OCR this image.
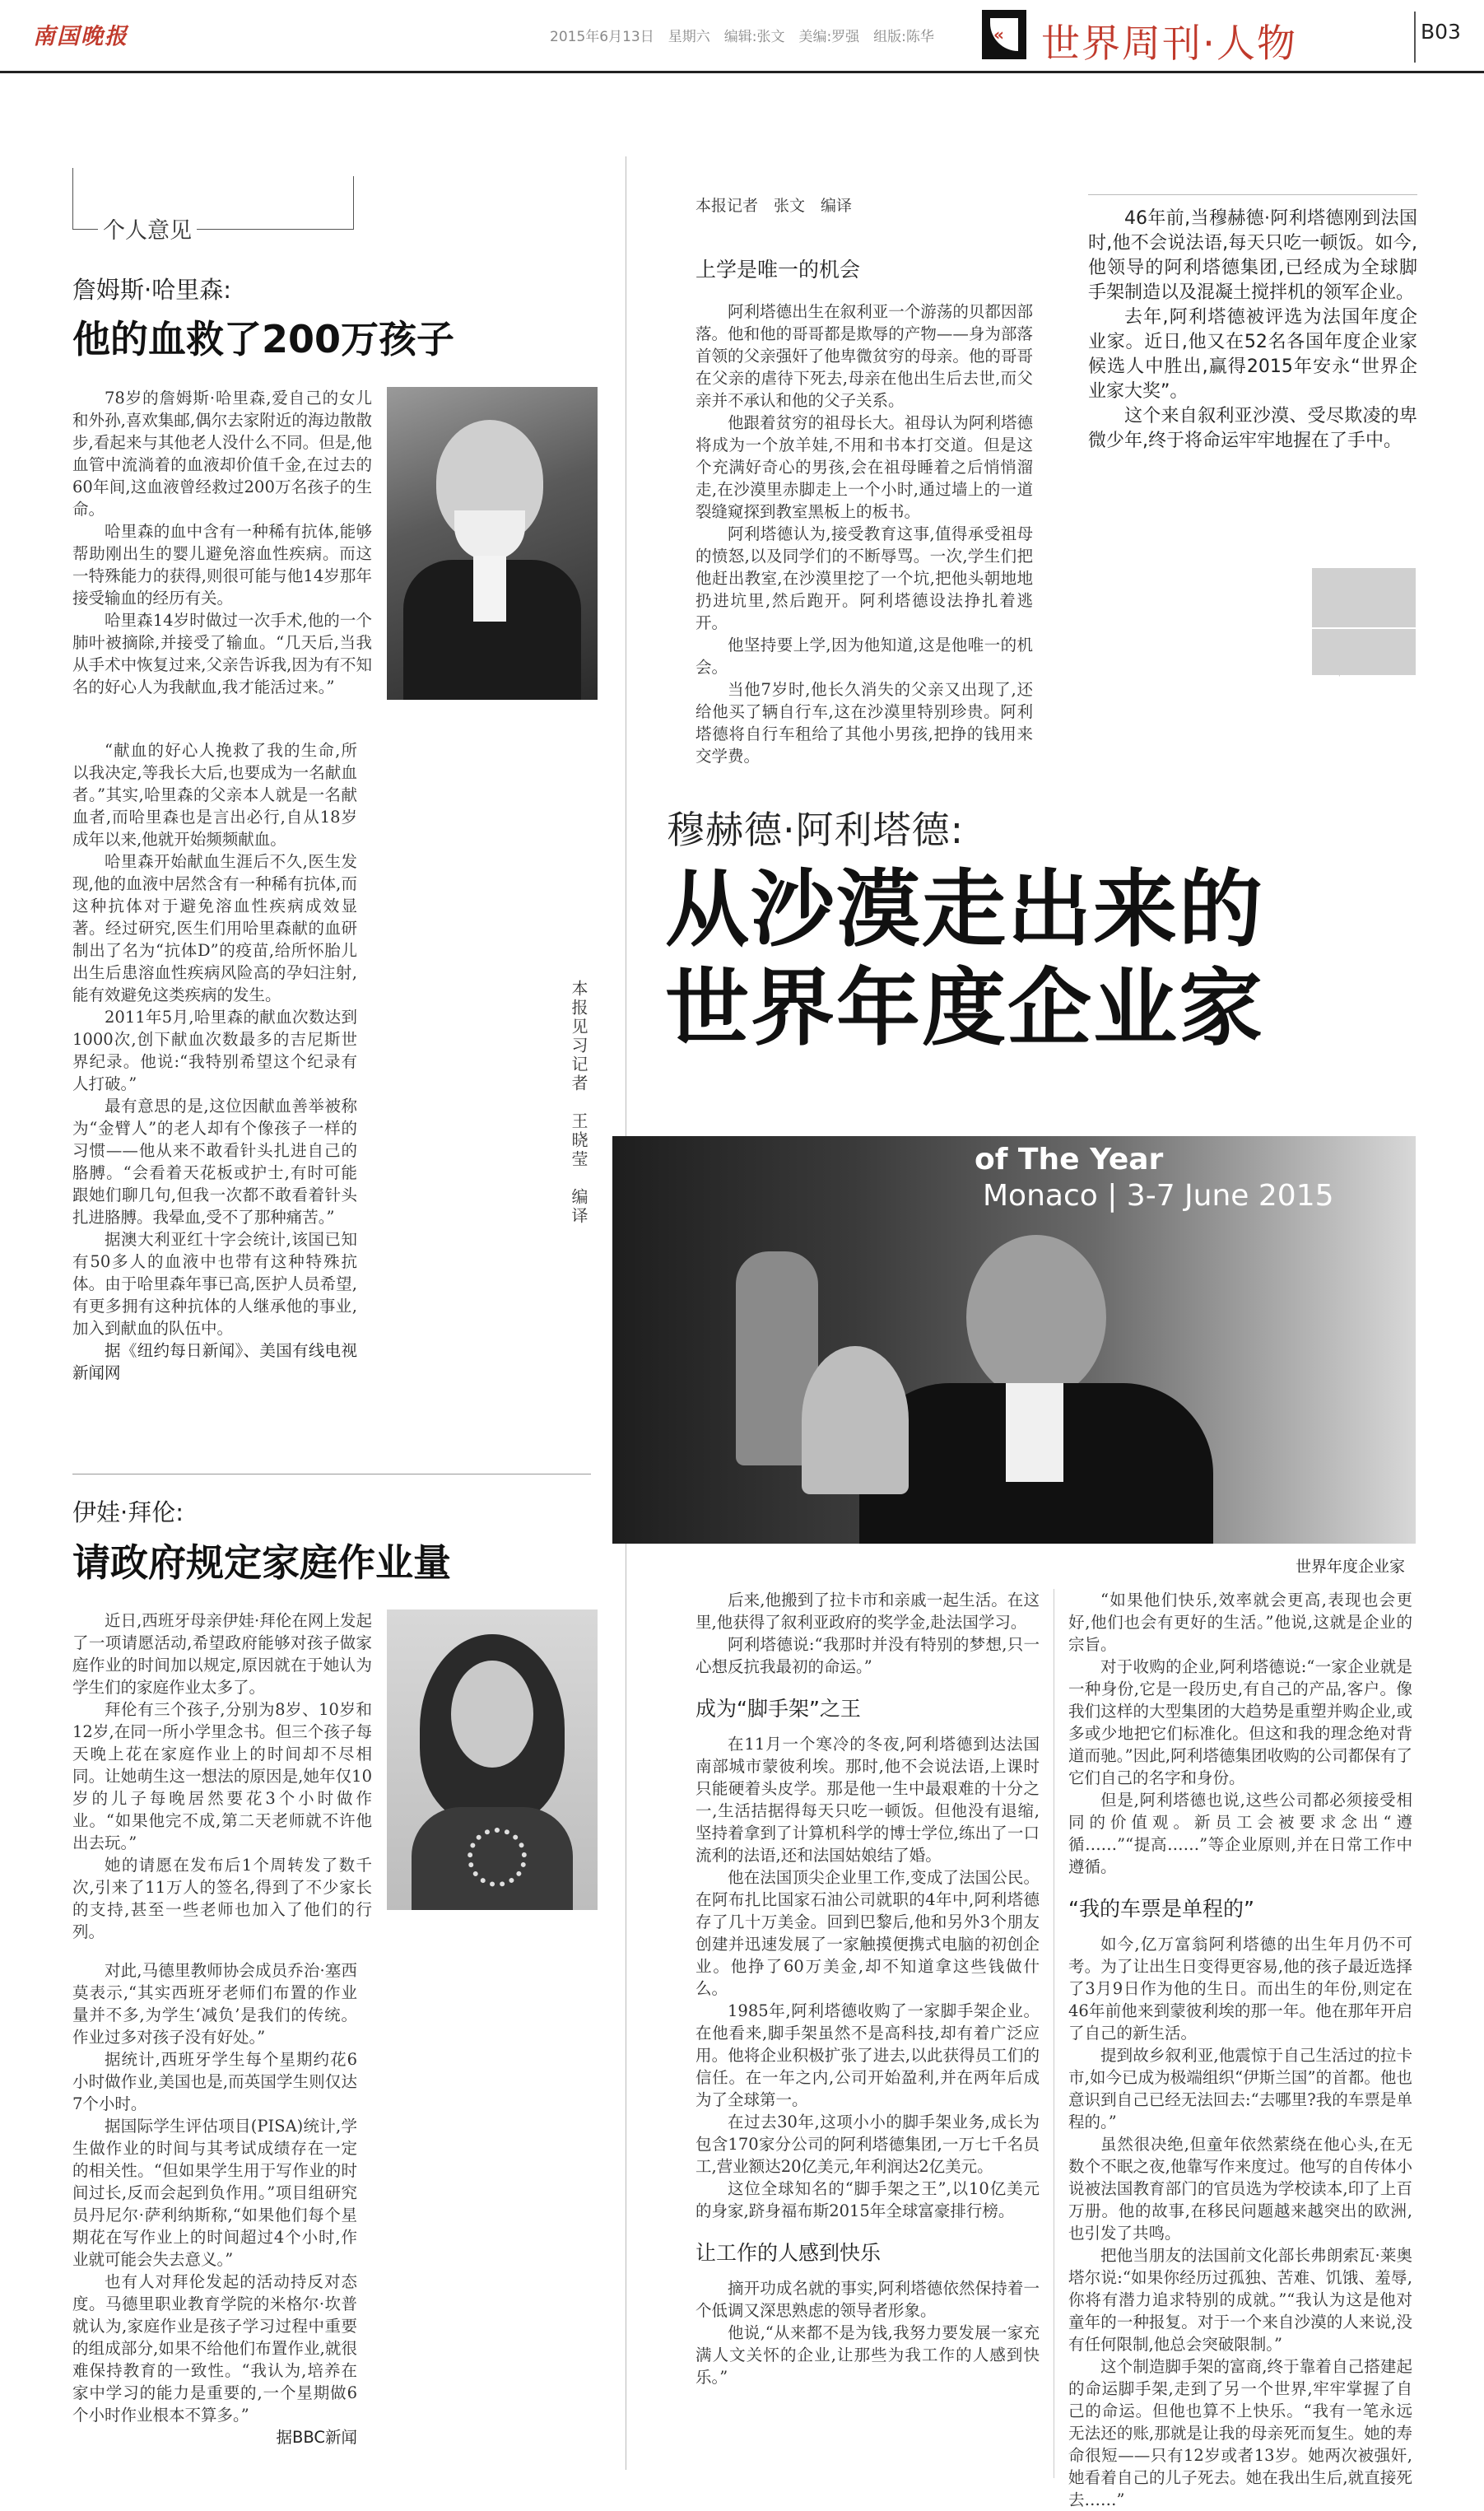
南国晚报	2015年6月13日　星期六　编辑:张文　美编:罗强　组版:陈华	« 世界周刊·人物	B03
个人意见
詹姆斯·哈里森:
他的血救了200万孩子

78岁的詹姆斯·哈里森,爱自己的女儿和外孙,喜欢集邮,偶尔去家附近的海边散散步,看起来与其他老人没什么不同。但是,他血管中流淌着的血液却价值千金,在过去的60年间,这血液曾经救过200万名孩子的生命。

哈里森的血中含有一种稀有抗体,能够帮助刚出生的婴儿避免溶血性疾病。而这一特殊能力的获得,则很可能与他14岁那年接受输血的经历有关。

哈里森14岁时做过一次手术,他的一个肺叶被摘除,并接受了输血。“几天后,当我从手术中恢复过来,父亲告诉我,因为有不知名的好心人为我献血,我才能活过来。”

“献血的好心人挽救了我的生命,所以我决定,等我长大后,也要成为一名献血者。”其实,哈里森的父亲本人就是一名献血者,而哈里森也是言出必行,自从18岁成年以来,他就开始频频献血。

哈里森开始献血生涯后不久,医生发现,他的血液中居然含有一种稀有抗体,而这种抗体对于避免溶血性疾病成效显著。经过研究,医生们用哈里森献的血研制出了名为“抗体D”的疫苗,给所怀胎儿出生后患溶血性疾病风险高的孕妇注射,能有效避免这类疾病的发生。

2011年5月,哈里森的献血次数达到1000次,创下献血次数最多的吉尼斯世界纪录。他说:“我特别希望这个纪录有人打破。”

最有意思的是,这位因献血善举被称为“金臂人”的老人却有个像孩子一样的习惯——他从来不敢看针头扎进自己的胳膊。“会看着天花板或护士,有时可能跟她们聊几句,但我一次都不敢看着针头扎进胳膊。我晕血,受不了那种痛苦。”

据澳大利亚红十字会统计,该国已知有50多人的血液中也带有这种特殊抗体。由于哈里森年事已高,医护人员希望,有更多拥有这种抗体的人继承他的事业,加入到献血的队伍中。

据《纽约每日新闻》、美国有线电视新闻网

本报见习记者　王晓莹　编译
伊娃·拜伦:
请政府规定家庭作业量

近日,西班牙母亲伊娃·拜伦在网上发起了一项请愿活动,希望政府能够对孩子做家庭作业的时间加以规定,原因就在于她认为学生们的家庭作业太多了。

拜伦有三个孩子,分别为8岁、10岁和12岁,在同一所小学里念书。但三个孩子每天晚上花在家庭作业上的时间却不尽相同。让她萌生这一想法的原因是,她年仅10岁的儿子每晚居然要花3个小时做作业。“如果他完不成,第二天老师就不许他出去玩。”

她的请愿在发布后1个周转发了数千次,引来了11万人的签名,得到了不少家长的支持,甚至一些老师也加入了他们的行列。

对此,马德里教师协会成员乔治·塞西莫表示,“其实西班牙老师们布置的作业量并不多,为学生‘减负’是我们的传统。作业过多对孩子没有好处。”

据统计,西班牙学生每个星期约花6小时做作业,美国也是,而英国学生则仅达7个小时。

据国际学生评估项目(PISA)统计,学生做作业的时间与其考试成绩存在一定的相关性。“但如果学生用于写作业的时间过长,反而会起到负作用。”项目组研究员丹尼尔·萨利纳斯称,“如果他们每个星期花在写作业上的时间超过4个小时,作业就可能会失去意义。”

也有人对拜伦发起的活动持反对态度。马德里职业教育学院的米格尔·坎普就认为,家庭作业是孩子学习过程中重要的组成部分,如果不给他们布置作业,就很难保持教育的一致性。“我认为,培养在家中学习的能力是重要的,一个星期做6个小时作业根本不算多。”

据BBC新闻

本报记者　张文　编译
上学是唯一的机会

阿利塔德出生在叙利亚一个游荡的贝都因部落。他和他的哥哥都是欺辱的产物——身为部落首领的父亲强奸了他卑微贫穷的母亲。他的哥哥在父亲的虐待下死去,母亲在他出生后去世,而父亲并不承认和他的父子关系。

他跟着贫穷的祖母长大。祖母认为阿利塔德将成为一个放羊娃,不用和书本打交道。但是这个充满好奇心的男孩,会在祖母睡着之后悄悄溜走,在沙漠里赤脚走上一个小时,通过墙上的一道裂缝窥探到教室黑板上的板书。

阿利塔德认为,接受教育这事,值得承受祖母的愤怒,以及同学们的不断辱骂。一次,学生们把他赶出教室,在沙漠里挖了一个坑,把他头朝地地扔进坑里,然后跑开。阿利塔德设法挣扎着逃开。

他坚持要上学,因为他知道,这是他唯一的机会。

当他7岁时,他长久消失的父亲又出现了,还给他买了辆自行车,这在沙漠里特别珍贵。阿利塔德将自行车租给了其他小男孩,把挣的钱用来交学费。

46年前,当穆赫德·阿利塔德刚到法国时,他不会说法语,每天只吃一顿饭。如今,他领导的阿利塔德集团,已经成为全球脚手架制造以及混凝土搅拌机的领军企业。

去年,阿利塔德被评选为法国年度企业家。近日,他又在52名各国年度企业家候选人中胜出,赢得2015年安永“世界企业家大奖”。

这个来自叙利亚沙漠、受尽欺凌的卑微少年,终于将命运牢牢地握在了手中。

穆赫德·阿利塔德:
从沙漠走出来的
世界年度企业家
of The Year
Monaco | 3-7 June 2015
世界年度企业家

后来,他搬到了拉卡市和亲戚一起生活。在这里,他获得了叙利亚政府的奖学金,赴法国学习。

阿利塔德说:“我那时并没有特别的梦想,只一心想反抗我最初的命运。”

成为“脚手架”之王

在11月一个寒冷的冬夜,阿利塔德到达法国南部城市蒙彼利埃。那时,他不会说法语,上课时只能硬着头皮学。那是他一生中最艰难的十分之一,生活拮据得每天只吃一顿饭。但他没有退缩,坚持着拿到了计算机科学的博士学位,练出了一口流利的法语,还和法国姑娘结了婚。

他在法国顶尖企业里工作,变成了法国公民。在阿布扎比国家石油公司就职的4年中,阿利塔德存了几十万美金。回到巴黎后,他和另外3个朋友创建并迅速发展了一家触摸便携式电脑的初创企业。他挣了60万美金,却不知道拿这些钱做什么。

1985年,阿利塔德收购了一家脚手架企业。在他看来,脚手架虽然不是高科技,却有着广泛应用。他将企业积极扩张了进去,以此获得员工们的信任。在一年之内,公司开始盈利,并在两年后成为了全球第一。

在过去30年,这项小小的脚手架业务,成长为包含170家分公司的阿利塔德集团,一万七千名员工,营业额达20亿美元,年利润达2亿美元。

这位全球知名的“脚手架之王”,以10亿美元的身家,跻身福布斯2015年全球富豪排行榜。

让工作的人感到快乐

摘开功成名就的事实,阿利塔德依然保持着一个低调又深思熟虑的领导者形象。

他说,“从来都不是为钱,我努力要发展一家充满人文关怀的企业,让那些为我工作的人感到快乐。”

“如果他们快乐,效率就会更高,表现也会更好,他们也会有更好的生活。”他说,这就是企业的宗旨。

对于收购的企业,阿利塔德说:“一家企业就是一种身份,它是一段历史,有自己的产品,客户。像我们这样的大型集团的大趋势是重塑并购企业,或多或少地把它们标准化。但这和我的理念绝对背道而驰。”因此,阿利塔德集团收购的公司都保有了它们自己的名字和身份。

但是,阿利塔德也说,这些公司都必须接受相同的价值观。新员工会被要求念出“遵循……”“提高……”等企业原则,并在日常工作中遵循。

“我的车票是单程的”

如今,亿万富翁阿利塔德的出生年月仍不可考。为了让出生日变得更容易,他的孩子最近选择了3月9日作为他的生日。而出生的年份,则定在46年前他来到蒙彼利埃的那一年。他在那年开启了自己的新生活。

提到故乡叙利亚,他震惊于自己生活过的拉卡市,如今已成为极端组织“伊斯兰国”的首都。他也意识到自己已经无法回去:“去哪里?我的车票是单程的。”

虽然很决绝,但童年依然萦绕在他心头,在无数个不眠之夜,他靠写作来度过。他写的自传体小说被法国教育部门的官员选为学校读本,印了上百万册。他的故事,在移民问题越来越突出的欧洲,也引发了共鸣。

把他当朋友的法国前文化部长弗朗索瓦·莱奥塔尔说:“如果你经历过孤独、苦难、饥饿、羞辱,你将有潜力追求特别的成就。”“我认为这是他对童年的一种报复。对于一个来自沙漠的人来说,没有任何限制,他总会突破限制。”

这个制造脚手架的富商,终于靠着自己搭建起的命运脚手架,走到了另一个世界,牢牢掌握了自己的命运。但他也算不上快乐。“我有一笔永远无法还的账,那就是让我的母亲死而复生。她的寿命很短——只有12岁或者13岁。她两次被强奸,她看着自己的儿子死去。她在我出生后,就直接死去……”
